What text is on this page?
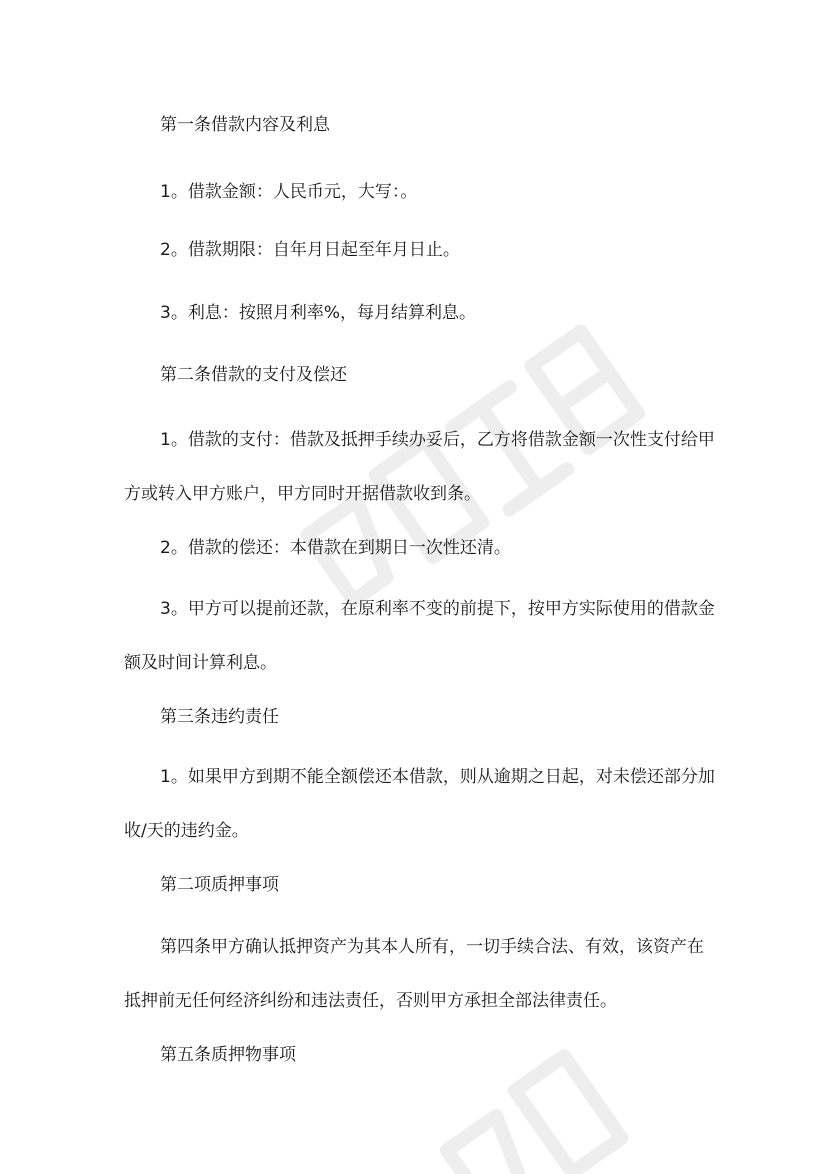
第一条借款内容及利息
1。借款金额：人民币元，大写：。
2。借款期限：自年月日起至年月日止。
3。利息：按照月利率%，每月结算利息。
第二条借款的支付及偿还
1。借款的支付：借款及抵押手续办妥后，乙方将借款金额一次性支付给甲
方或转入甲方账户，甲方同时开据借款收到条。
2。借款的偿还：本借款在到期日一次性还清。
3。甲方可以提前还款，在原利率不变的前提下，按甲方实际使用的借款金
额及时间计算利息。
第三条违约责任
1。如果甲方到期不能全额偿还本借款，则从逾期之日起，对未偿还部分加
收/天的违约金。
第二项质押事项
第四条甲方确认抵押资产为其本人所有，一切手续合法、有效，该资产在
抵押前无任何经济纠纷和违法责任，否则甲方承担全部法律责任。
第五条质押物事项
